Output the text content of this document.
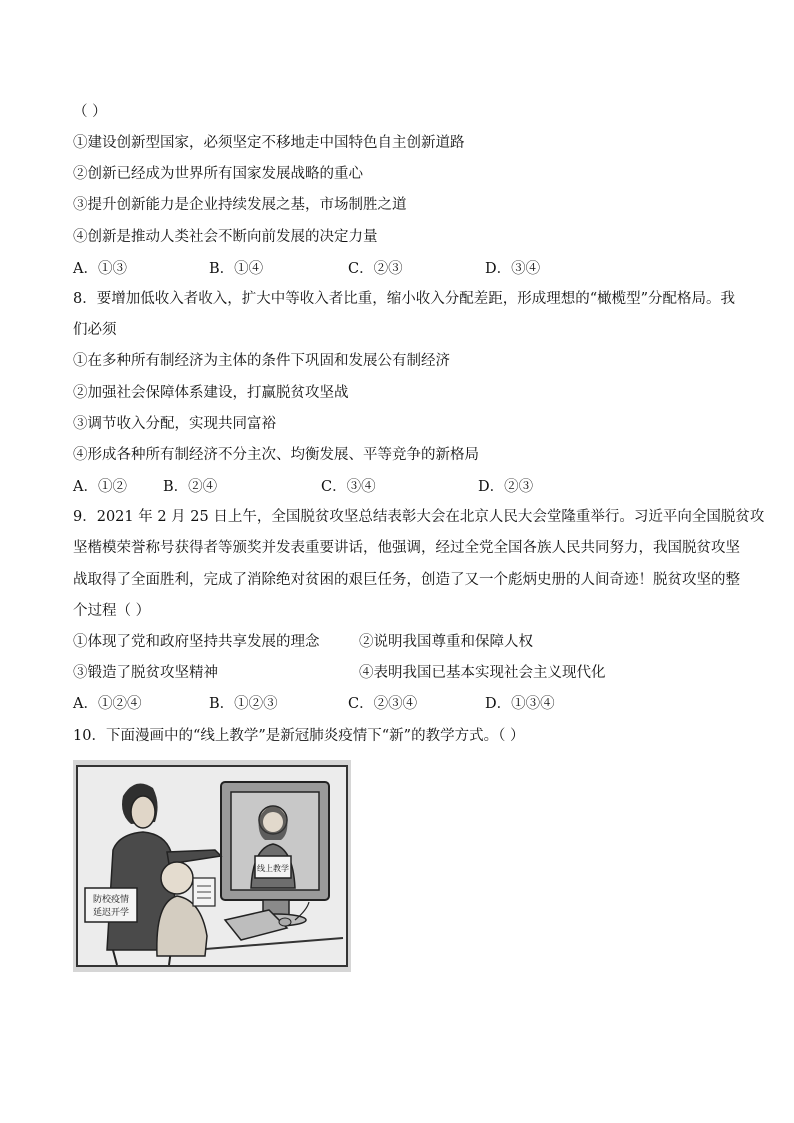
（ ）
①建设创新型国家，必须坚定不移地走中国特色自主创新道路
②创新已经成为世界所有国家发展战略的重心
③提升创新能力是企业持续发展之基，市场制胜之道
④创新是推动人类社会不断向前发展的决定力量
A．①③	B．①④	C．②③	D．③④
8．要增加低收入者收入，扩大中等收入者比重，缩小收入分配差距，形成理想的“橄榄型”分配格局。我
们必须
①在多种所有制经济为主体的条件下巩固和发展公有制经济
②加强社会保障体系建设，打赢脱贫攻坚战
③调节收入分配，实现共同富裕
④形成各种所有制经济不分主次、均衡发展、平等竞争的新格局
A．①② B．②④	C．③④	D．②③
9．2021 年 2 月 25 日上午，全国脱贫攻坚总结表彰大会在北京人民大会堂隆重举行。习近平向全国脱贫攻
坚楷模荣誉称号获得者等颁奖并发表重要讲话，他强调，经过全党全国各族人民共同努力，我国脱贫攻坚
战取得了全面胜利，完成了消除绝对贫困的艰巨任务，创造了又一个彪炳史册的人间奇迹！脱贫攻坚的整
个过程（ ）
①体现了党和政府坚持共享发展的理念	②说明我国尊重和保障人权
③锻造了脱贫攻坚精神	④表明我国已基本实现社会主义现代化
A．①②④	B．①②③	C．②③④	D．①③④
10．下面漫画中的“线上教学”是新冠肺炎疫情下“新”的教学方式。（ ）
线上教学
防校疫情
延迟开学
